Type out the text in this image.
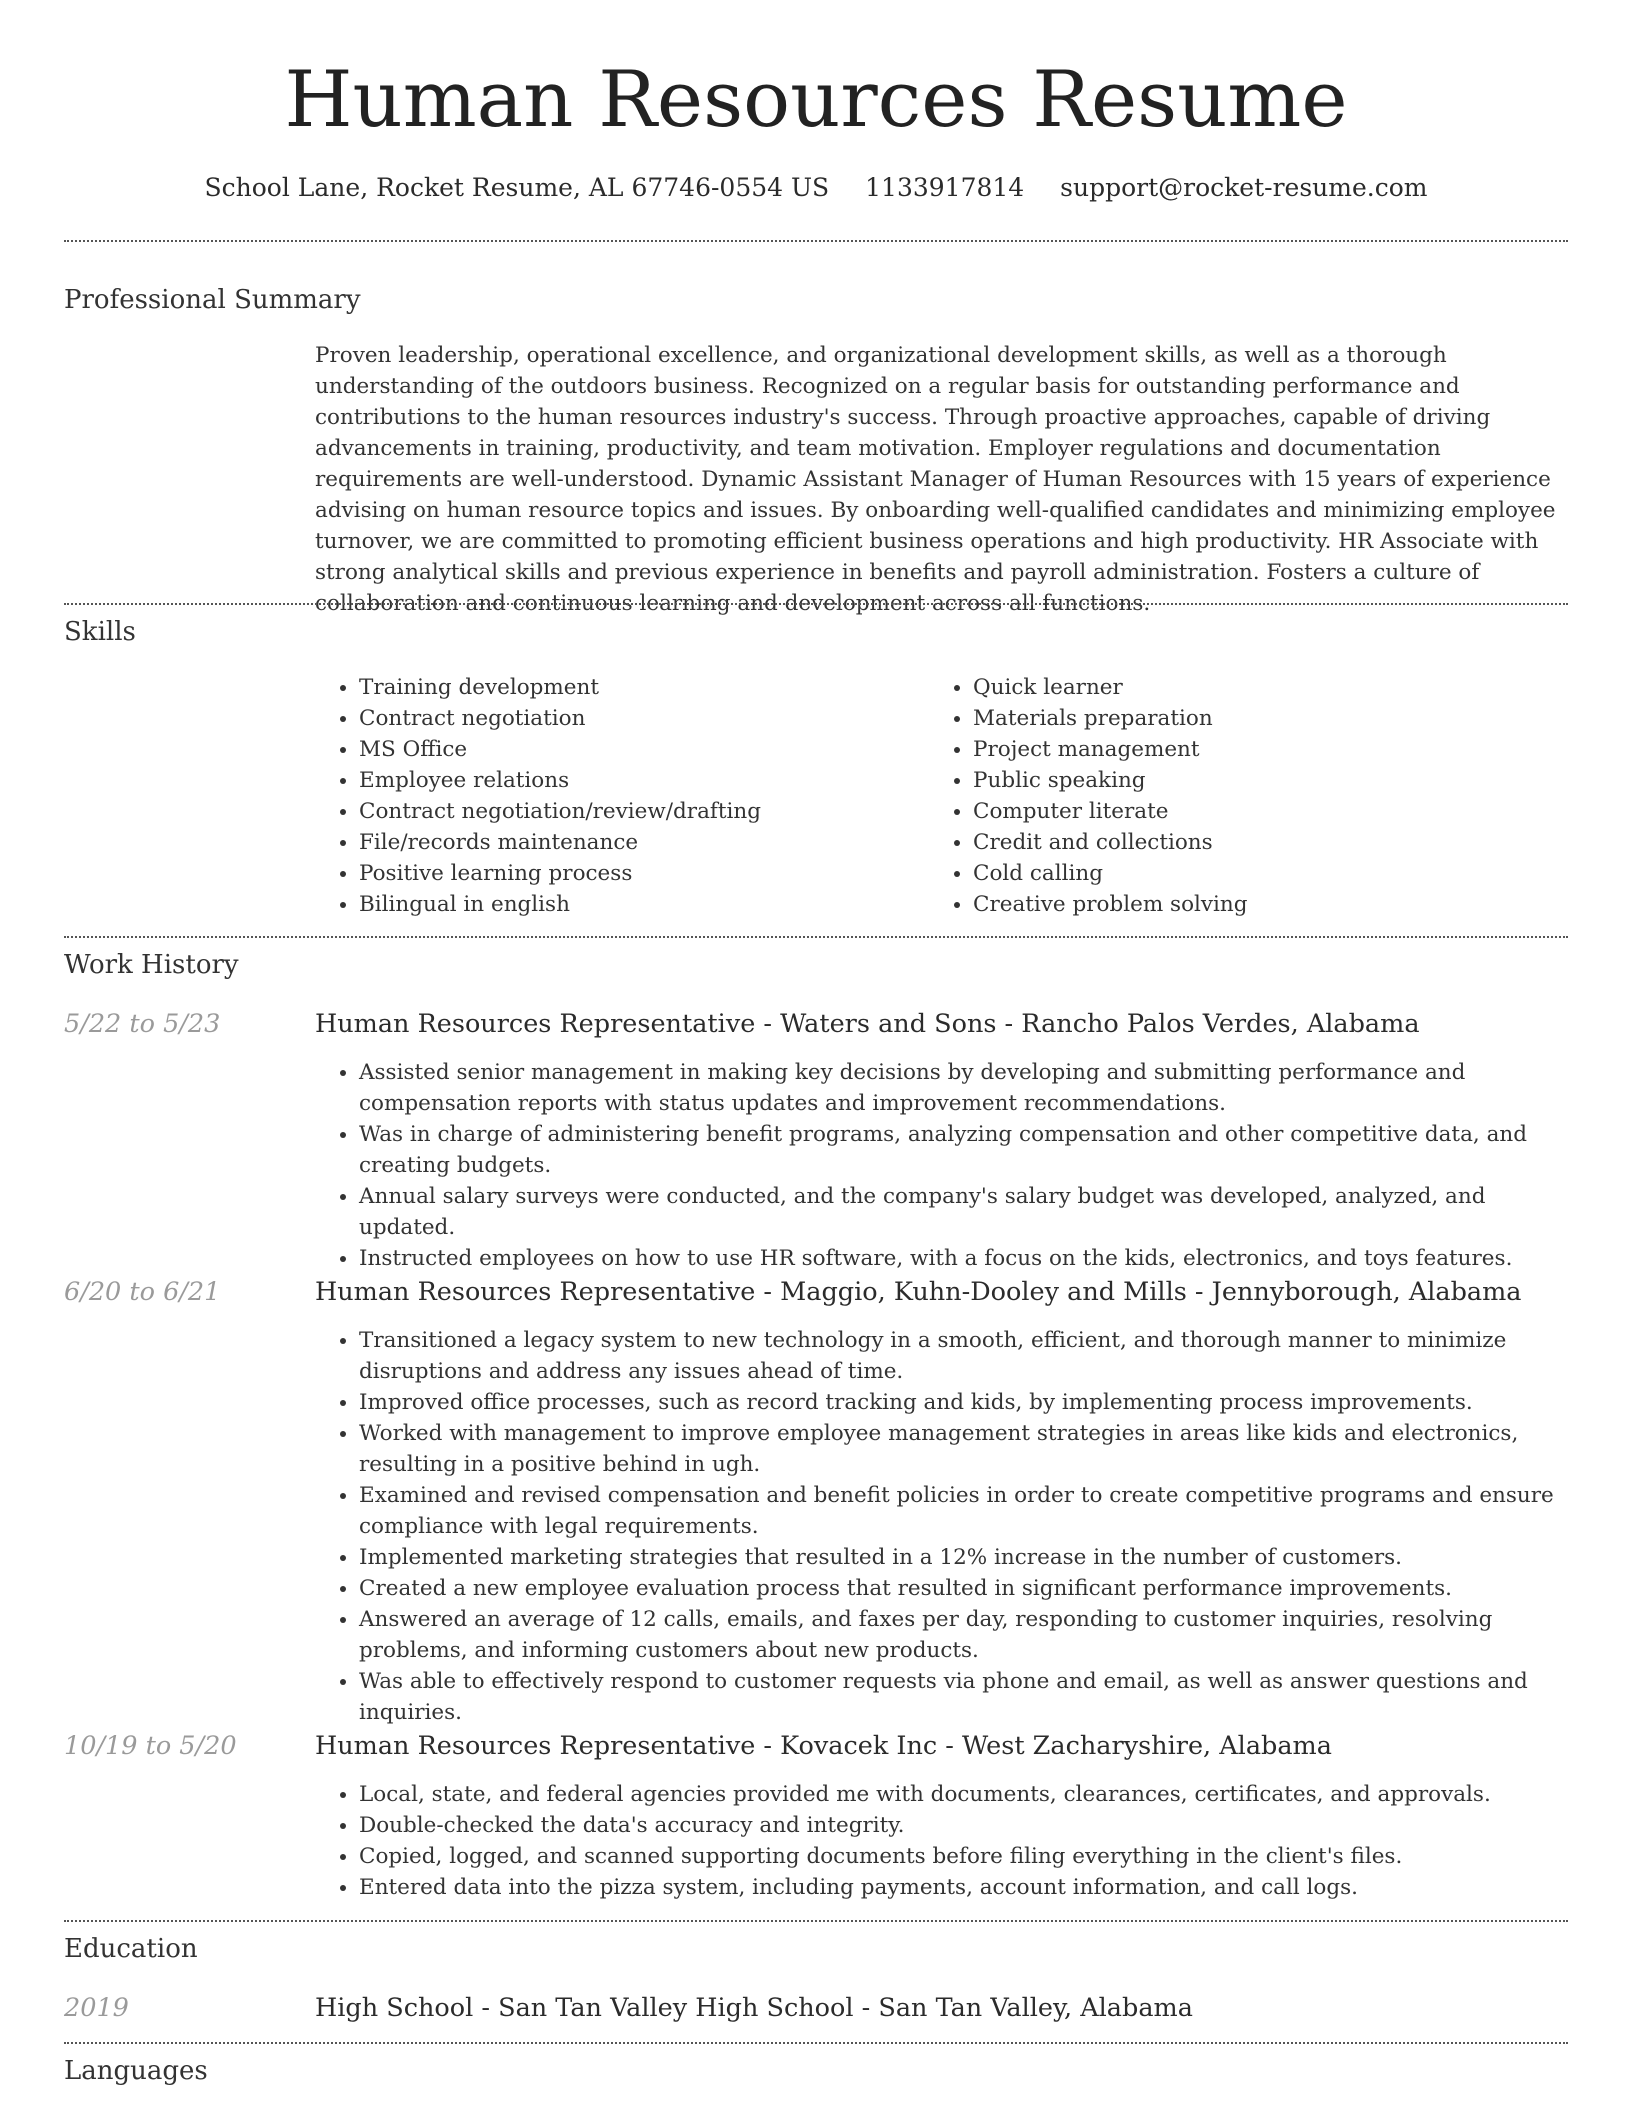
Human Resources Resume
School Lane, Rocket Resume, AL 67746-0554 US 1133917814 support@rocket-resume.com
Professional Summary

Proven leadership, operational excellence, and organizational development skills, as well as a thorough understanding of the outdoors business. Recognized on a regular basis for outstanding performance and contributions to the human resources industry's success. Through proactive approaches, capable of driving advancements in training, productivity, and team motivation. Employer regulations and documentation requirements are well-understood. Dynamic Assistant Manager of Human Resources with 15 years of experience advising on human resource topics and issues. By onboarding well-qualified candidates and minimizing employee turnover, we are committed to promoting efficient business operations and high productivity. HR Associate with strong analytical skills and previous experience in benefits and payroll administration. Fosters a culture of collaboration and continuous learning and development across all functions.

Skills
• Training development
• Contract negotiation
• MS Office
• Employee relations
• Contract negotiation/review/drafting
• File/records maintenance
• Positive learning process
• Bilingual in english
• Quick learner
• Materials preparation
• Project management
• Public speaking
• Computer literate
• Credit and collections
• Cold calling
• Creative problem solving
Work History
5/22 to 5/23	Human Resources Representative - Waters and Sons - Rancho Palos Verdes, Alabama
• Assisted senior management in making key decisions by developing and submitting performance and compensation reports with status updates and improvement recommendations.
• Was in charge of administering benefit programs, analyzing compensation and other competitive data, and creating budgets.
• Annual salary surveys were conducted, and the company's salary budget was developed, analyzed, and updated.
• Instructed employees on how to use HR software, with a focus on the kids, electronics, and toys features.
6/20 to 6/21	Human Resources Representative - Maggio, Kuhn-Dooley and Mills - Jennyborough, Alabama
• Transitioned a legacy system to new technology in a smooth, efficient, and thorough manner to minimize disruptions and address any issues ahead of time.
• Improved office processes, such as record tracking and kids, by implementing process improvements.
• Worked with management to improve employee management strategies in areas like kids and electronics, resulting in a positive behind in ugh.
• Examined and revised compensation and benefit policies in order to create competitive programs and ensure compliance with legal requirements.
• Implemented marketing strategies that resulted in a 12% increase in the number of customers.
• Created a new employee evaluation process that resulted in significant performance improvements.
• Answered an average of 12 calls, emails, and faxes per day, responding to customer inquiries, resolving problems, and informing customers about new products.
• Was able to effectively respond to customer requests via phone and email, as well as answer questions and inquiries.
10/19 to 5/20	Human Resources Representative - Kovacek Inc - West Zacharyshire, Alabama
• Local, state, and federal agencies provided me with documents, clearances, certificates, and approvals.
• Double-checked the data's accuracy and integrity.
• Copied, logged, and scanned supporting documents before filing everything in the client's files.
• Entered data into the pizza system, including payments, account information, and call logs.
Education
2019	High School - San Tan Valley High School - San Tan Valley, Alabama
Languages
